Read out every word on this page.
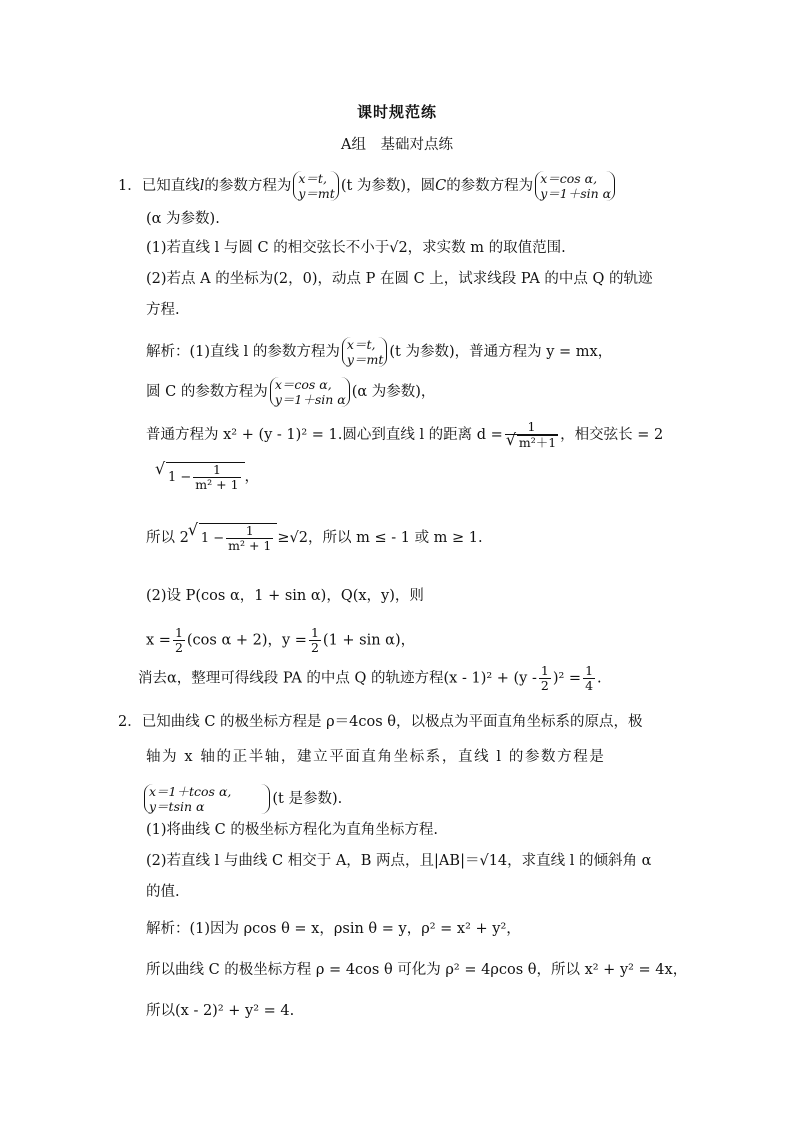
课时规范练
A组　基础对点练
1．已知直线l的参数方程为 x＝t,
y＝mt (t 为参数)，圆C的参数方程为 x＝cos α,
y＝1＋sin α
(α 为参数).
(1)若直线 l 与圆 C 的相交弦长不小于√2，求实数 m 的取值范围.
(2)若点 A 的坐标为(2，0)，动点 P 在圆 C 上，试求线段 PA 的中点 Q 的轨迹
方程.
解析：(1)直线 l 的参数方程为 x＝t,
y＝mt (t 为参数)，普通方程为 y = mx，
圆 C 的参数方程为 x＝cos α,
y＝1＋sin α (α 为参数)，
普通方程为 x² + (y - 1)² = 1.圆心到直线 l 的距离 d = 1
√ m²＋1 ，相交弦长 = 2
√ $1 - \frac{1}{\text{m² + 1}}$ ，
所以 2√ $1 - \frac{1}{\text{m² + 1}} \ge√2$，所以 m ≤ - 1 或 m ≥ 1.
(2)设 P(cos α，1 + sin α)，Q(x，y)，则
$x = \frac{1}{2} (\cos$ α + 2)，$y = \frac{1}{2} (1 + \sin \alpha)$，
消去α，整理可得线段 PA 的中点 Q 的轨迹方程$(x - 1)^2 + (y - \frac{1}{2} )^2 = \frac{1}{4}$ .
2．已知曲线 C 的极坐标方程是 ρ＝4cos θ，以极点为平面直角坐标系的原点，极
轴为 x 轴的正半轴，建立平面直角坐标系，直线 l 的参数方程是
x＝1＋tcos α,
y＝tsin α	(t 是参数).
(1)将曲线 C 的极坐标方程化为直角坐标方程.
(2)若直线 l 与曲线 C 相交于 A，B 两点，且|AB|＝√14，求直线 l 的倾斜角 α
的值.
解析：(1)因为 ρcos θ = x，ρsin θ = y，ρ² = x² + y²，
所以曲线 C 的极坐标方程 ρ = 4cos θ 可化为 ρ² = 4ρcos θ，所以 x² + y² = 4x，
所以(x - 2)² + y² = 4.
